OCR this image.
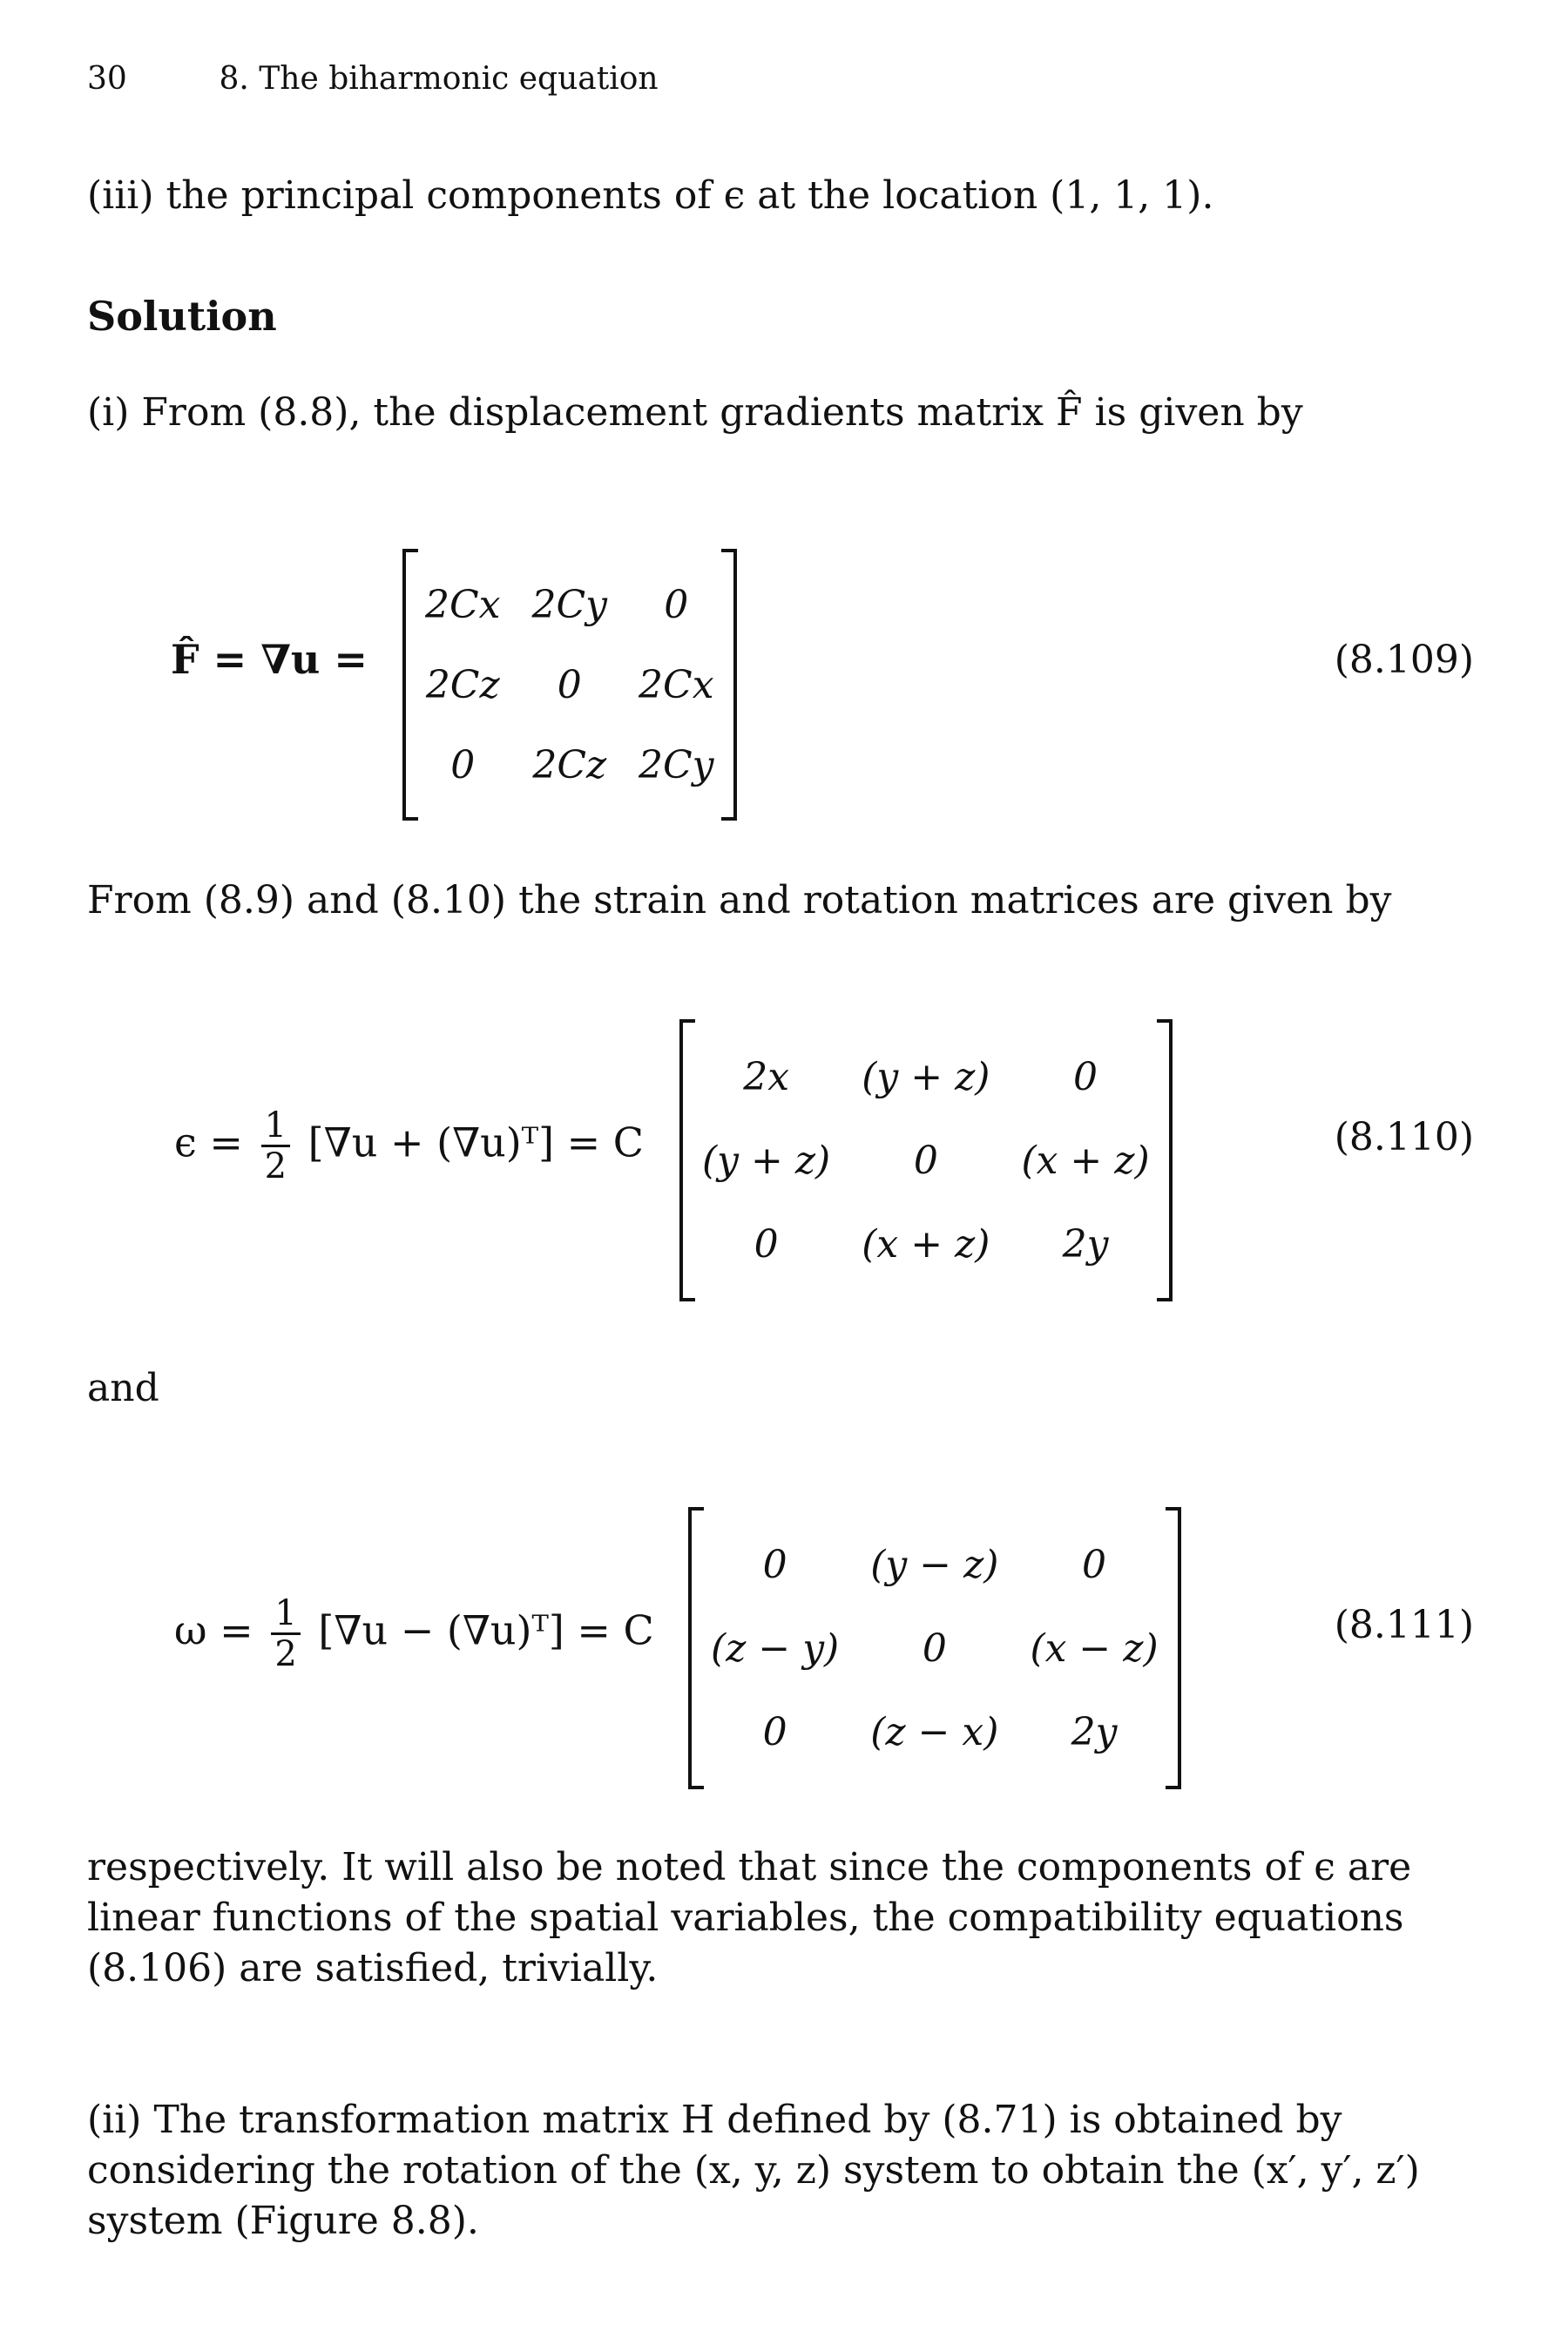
30	8. The biharmonic equation
(iii) the principal components of ϵ at the location (1, 1, 1).
Solution
(i) From (8.8), the displacement gradients matrix F̂ is given by
F̂ = ∇u =
2Cx	2Cy	0
2Cz	0	2Cx
0	2Cz	2Cy
(8.109)
From (8.9) and (8.10) the strain and rotation matrices are given by
$\epsilon = \frac{1}{2} [\nabla u$ + (∇u)ᵀ] = C
2x	(y + z)	0
(y + z)	0	(x + z)
0	(x + z)	2y
(8.110)
and
$\omega = \frac{1}{2} [\nabla u$ − (∇u)ᵀ] = C
0	(y − z)	0
(z − y)	0	(x − z)
0	(z − x)	2y
(8.111)
respectively. It will also be noted that since the components of ϵ are linear functions of the spatial variables, the compatibility equations (8.106) are satisfied, trivially.
(ii) The transformation matrix H defined by (8.71) is obtained by considering the rotation of the (x, y, z) system to obtain the (x′, y′, z′) system (Figure 8.8).
